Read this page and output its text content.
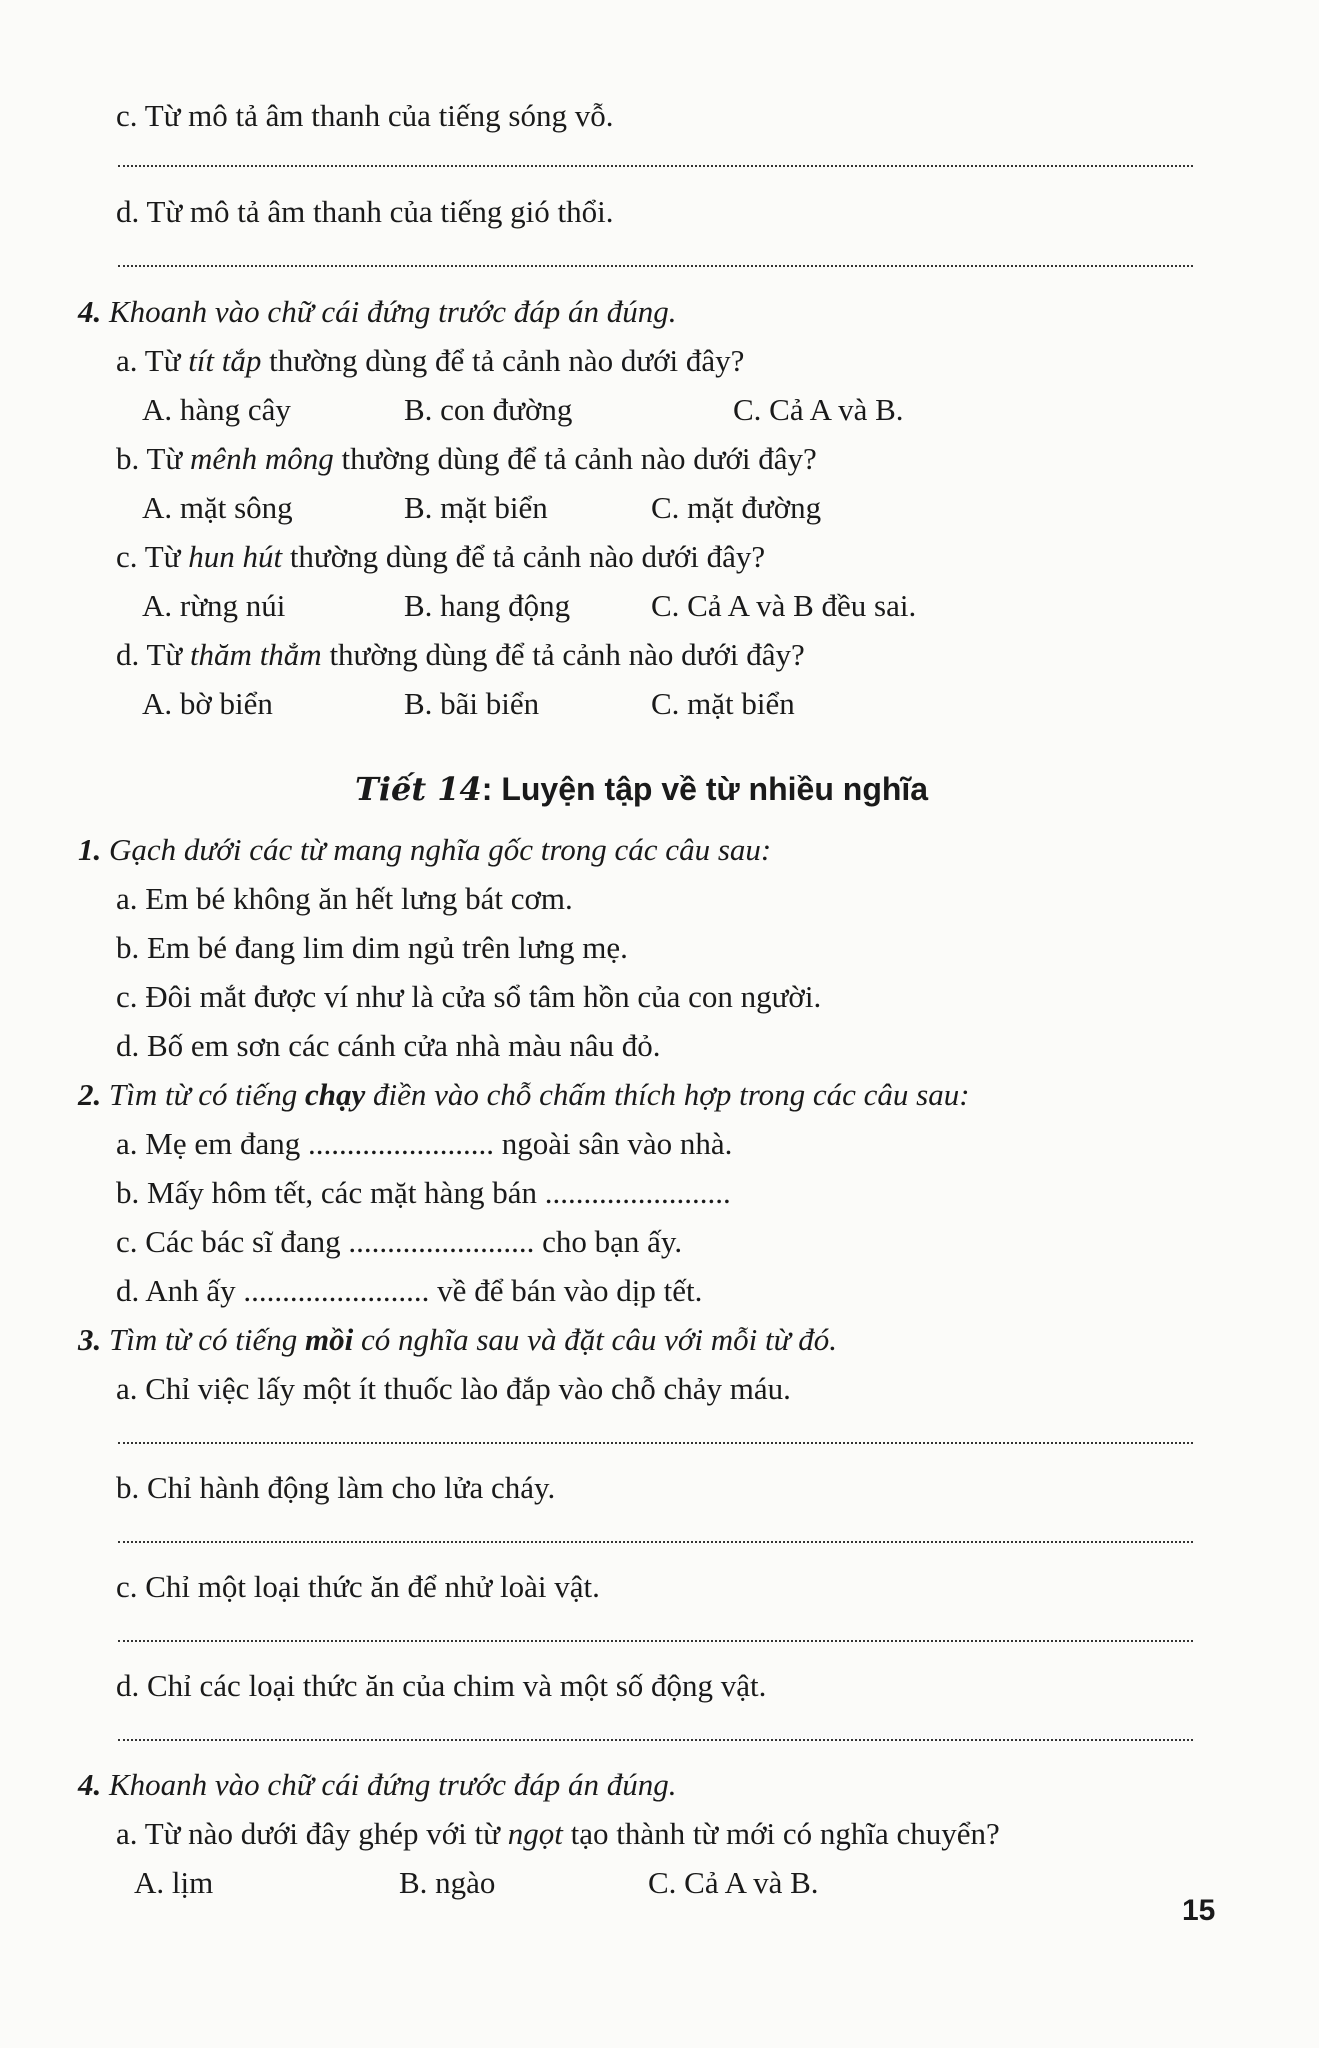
c. Từ mô tả âm thanh của tiếng sóng vỗ.
d. Từ mô tả âm thanh của tiếng gió thổi.
4. Khoanh vào chữ cái đứng trước đáp án đúng.
a. Từ tít tắp thường dùng để tả cảnh nào dưới đây?
A. hàng cây	B. con đường	C. Cả A và B.
b. Từ mênh mông thường dùng để tả cảnh nào dưới đây?
A. mặt sông	B. mặt biển	C. mặt đường
c. Từ hun hút thường dùng để tả cảnh nào dưới đây?
A. rừng núi	B. hang động	C. Cả A và B đều sai.
d. Từ thăm thẳm thường dùng để tả cảnh nào dưới đây?
A. bờ biển	B. bãi biển	C. mặt biển
Tiết 14: Luyện tập về từ nhiều nghĩa
1. Gạch dưới các từ mang nghĩa gốc trong các câu sau:
a. Em bé không ăn hết lưng bát cơm.
b. Em bé đang lim dim ngủ trên lưng mẹ.
c. Đôi mắt được ví như là cửa sổ tâm hồn của con người.
d. Bố em sơn các cánh cửa nhà màu nâu đỏ.
2. Tìm từ có tiếng chạy điền vào chỗ chấm thích hợp trong các câu sau:
a. Mẹ em đang ........................ ngoài sân vào nhà.
b. Mấy hôm tết, các mặt hàng bán ........................
c. Các bác sĩ đang ........................ cho bạn ấy.
d. Anh ấy ........................ về để bán vào dịp tết.
3. Tìm từ có tiếng mồi có nghĩa sau và đặt câu với mỗi từ đó.
a. Chỉ việc lấy một ít thuốc lào đắp vào chỗ chảy máu.
b. Chỉ hành động làm cho lửa cháy.
c. Chỉ một loại thức ăn để nhử loài vật.
d. Chỉ các loại thức ăn của chim và một số động vật.
4. Khoanh vào chữ cái đứng trước đáp án đúng.
a. Từ nào dưới đây ghép với từ ngọt tạo thành từ mới có nghĩa chuyển?
A. lịm	B. ngào	C. Cả A và B.
15
